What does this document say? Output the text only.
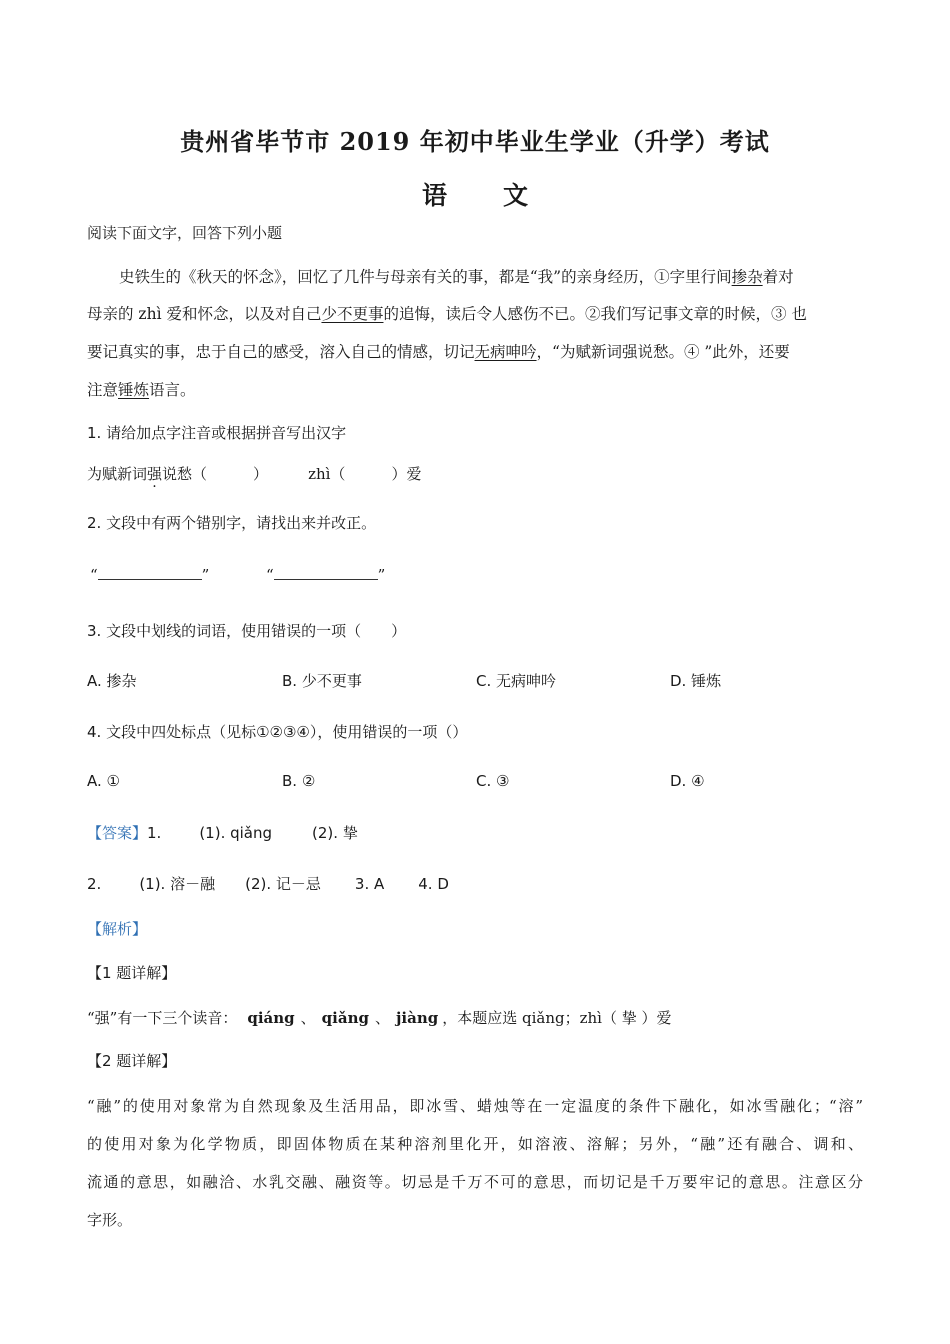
贵州省毕节市 2019 年初中毕业生学业（升学）考试
语 文
阅读下面文字，回答下列小题
史铁生的《秋天的怀念》，回忆了几件与母亲有关的事，都是“我”的亲身经历，①字里行间掺杂着对
母亲的 zhì 爱和怀念，以及对自己少不更事的追悔，读后令人感伤不已。②我们写记事文章的时候，③ 也
要记真实的事，忠于自己的感受，溶入自己的情感，切记无病呻吟，“为赋新词强说愁。④ ”此外，还要
注意锤炼语言。
1. 请给加点字注音或根据拼音写出汉字
为赋新词强说愁（	）	zhì（	）爱
2. 文段中有两个错别字，请找出来并改正。
“	”	“	”
3. 文段中划线的词语，使用错误的一项（　　）
A. 掺杂	B. 少不更事	C. 无病呻吟	D. 锤炼
4. 文段中四处标点（见标①②③④），使用错误的一项（）
A. ①	B. ②	C. ③	D. ④
【答案】1.	(1). qiǎng	(2). 挚
2.	(1). 溶－融 (2). 记－忌 3. A 4. D
【解析】
【1 题详解】
“强”有一下三个读音： qiáng 、 qiǎng 、 jiàng ，本题应选 qiǎng；zhì（ 挚 ）爱
【2 题详解】
“融”的使用对象常为自然现象及生活用品，即冰雪、蜡烛等在一定温度的条件下融化，如冰雪融化；“溶”
的使用对象为化学物质，即固体物质在某种溶剂里化开，如溶液、溶解；另外，“融”还有融合、调和、
流通的意思，如融洽、水乳交融、融资等。切忌是千万不可的意思，而切记是千万要牢记的意思。注意区分
字形。
